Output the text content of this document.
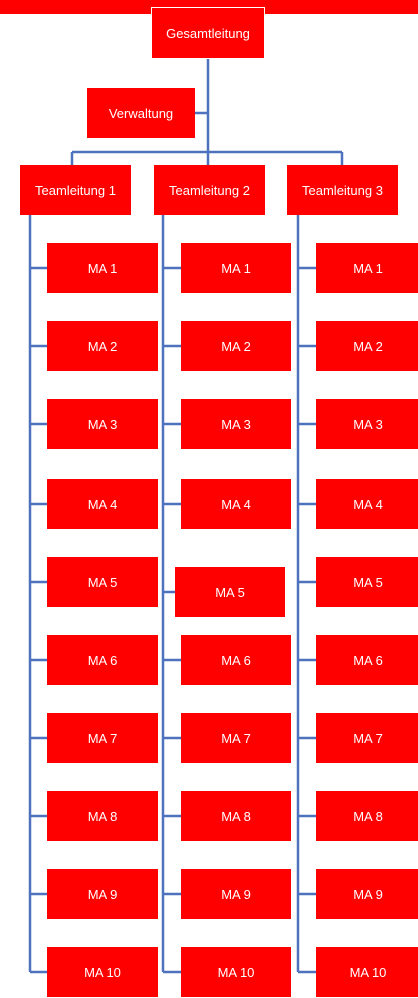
Gesamtleitung
Verwaltung
Teamleitung 1
MA 1
MA 2
MA 3
MA 4
MA 5
MA 6
MA 7
MA 8
MA 9
MA 10
Teamleitung 2
MA 1
MA 2
MA 3
MA 4
MA 5
MA 6
MA 7
MA 8
MA 9
MA 10
Teamleitung 3
MA 1
MA 2
MA 3
MA 4
MA 5
MA 6
MA 7
MA 8
MA 9
MA 10
